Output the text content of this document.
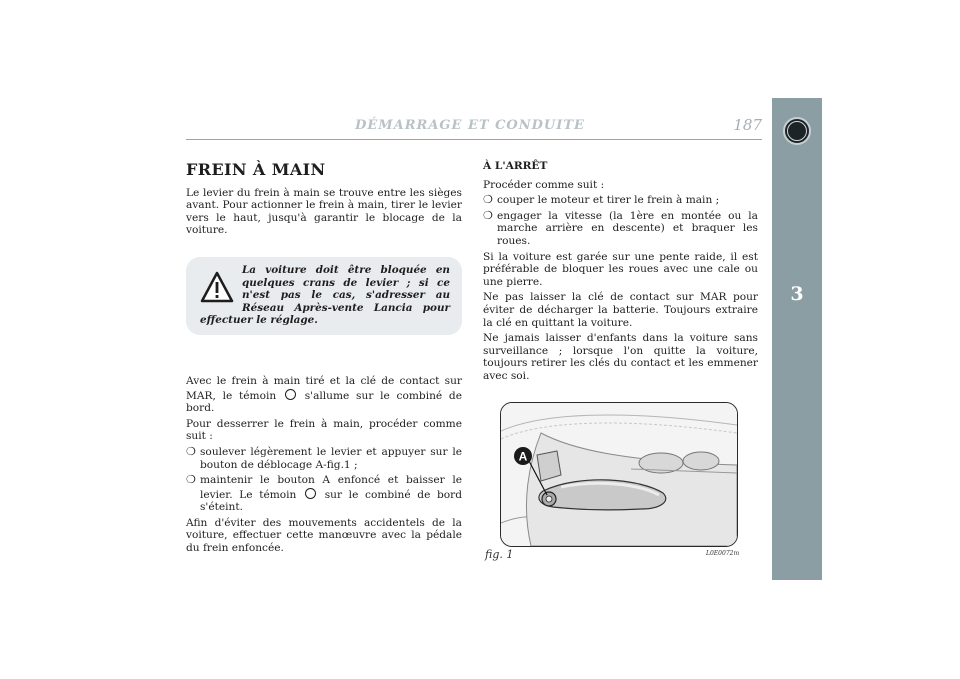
DÉMARRAGE ET CONDUITE	187
3
FREIN À MAIN

Le levier du frein à main se trouve entre les sièges avant. Pour actionner le frein à main, tirer le levier vers le haut, jusqu'à garantir le blocage de la voiture.

La voiture doit être bloquée en quelques crans de levier ; si ce n'est pas le cas, s'adresser au Réseau Après-vente Lancia pour effectuer le réglage.

Avec le frein à main tiré et la clé de contact sur MAR, le témoin	s'allume sur le combiné de bord.

Pour desserrer le frein à main, procéder comme suit :

❍ soulever légèrement le levier et appuyer sur le bouton de déblocage A-fig.1 ;
❍ maintenir le bouton A enfoncé et baisser le levier. Le témoin	sur le combiné de bord s'éteint.

Afin d'éviter des mouvements accidentels de la voiture, effectuer cette manœuvre avec la pédale du frein enfoncée.

À L'ARRÊT

Procéder comme suit :

❍ couper le moteur et tirer le frein à main ;
❍ engager la vitesse (la 1ère en montée ou la marche arrière en descente) et braquer les roues.

Si la voiture est garée sur une pente raide, il est préférable de bloquer les roues avec une cale ou une pierre.

Ne pas laisser la clé de contact sur MAR pour éviter de décharger la batterie. Toujours extraire la clé en quittant la voiture.

Ne jamais laisser d'enfants dans la voiture sans surveillance ; lorsque l'on quitte la voiture, toujours retirer les clés du contact et les emmener avec soi.

A
fig. 1	L0E0072m
